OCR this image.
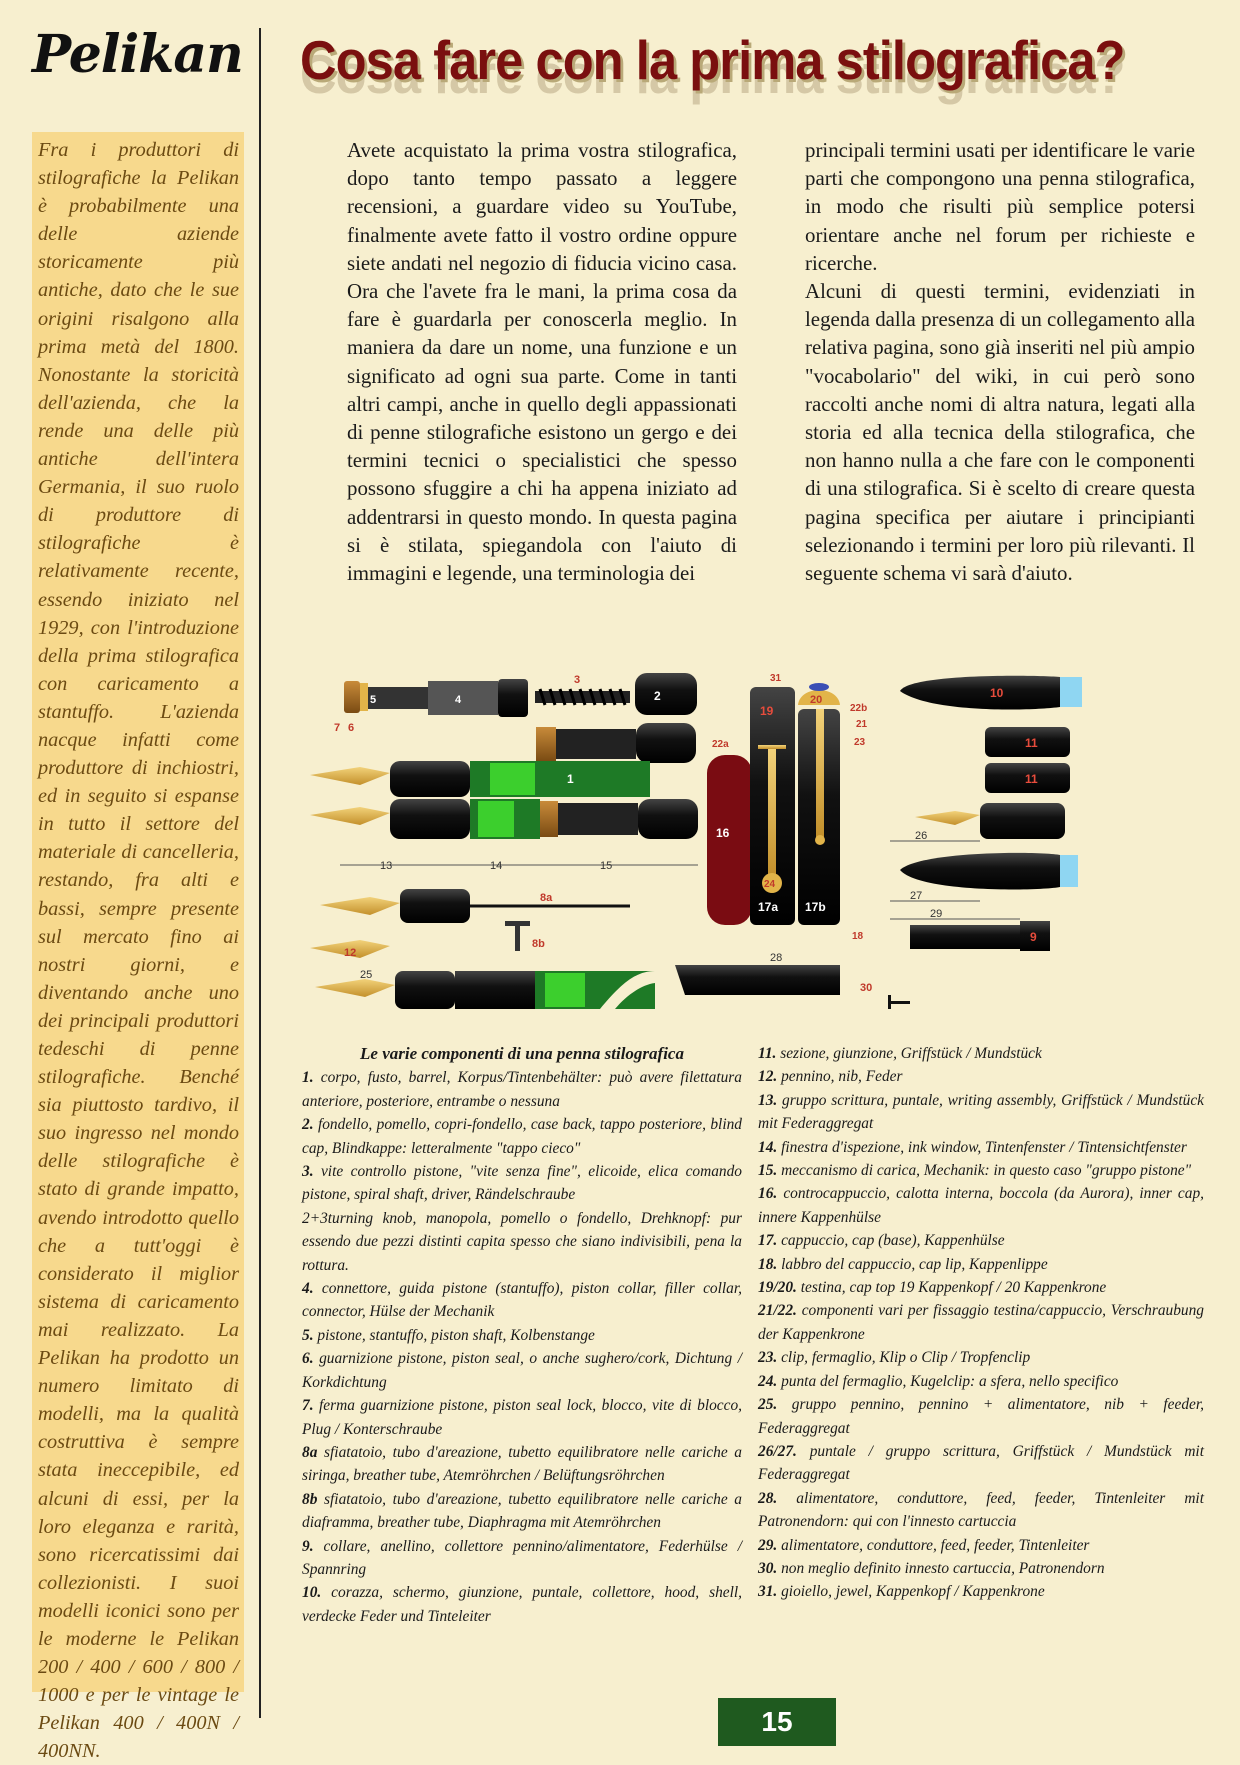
Pelikan Cosa fare con la prima stilografica?
Fra i produttori di stilografiche la Pelikan è probabilmente una delle aziende storicamente più antiche, dato che le sue origini risalgono alla prima metà del 1800. Nonostante la storicità dell'azienda, che la rende una delle più antiche dell'intera Germania, il suo ruolo di produttore di stilografiche è relativamente recente, essendo iniziato nel 1929, con l'introduzione della prima stilografica con caricamento a stantuffo. L'azienda nacque infatti come produttore di inchiostri, ed in seguito si espanse in tutto il settore del materiale di cancelleria, restando, fra alti e bassi, sempre presente sul mercato fino ai nostri giorni, e diventando anche uno dei principali produttori tedeschi di penne stilografiche. Benché sia piuttosto tardivo, il suo ingresso nel mondo delle stilografiche è stato di grande impatto, avendo introdotto quello che a tutt'oggi è considerato il miglior sistema di caricamento mai realizzato. La Pelikan ha prodotto un numero limitato di modelli, ma la qualità costruttiva è sempre stata ineccepibile, ed alcuni di essi, per la loro eleganza e rarità, sono ricercatissimi dai collezionisti. I suoi modelli iconici sono per le moderne le Pelikan 200 / 400 / 600 / 800 / 1000 e per le vintage le Pelikan 400 / 400N / 400NN.

Avete acquistato la prima vostra stilografica, dopo tanto tempo passato a leggere recensioni, a guardare video su YouTube, finalmente avete fatto il vostro ordine oppure siete andati nel negozio di fiducia vicino casa. Ora che l'avete fra le mani, la prima cosa da fare è guardarla per conoscerla meglio. In maniera da dare un nome, una funzione e un significato ad ogni sua parte. Come in tanti altri campi, anche in quello degli appassionati di penne stilografiche esistono un gergo e dei termini tecnici o specialistici che spesso possono sfuggire a chi ha appena iniziato ad addentrarsi in questo mondo. In questa pagina si è stilata, spiegandola con l'aiuto di immagini e legende, una terminologia dei

principali termini usati per identificare le varie parti che compongono una penna stilografica, in modo che risulti più semplice potersi orientare anche nel forum per richieste e ricerche.

Alcuni di questi termini, evidenziati in legenda dalla presenza di un collegamento alla relativa pagina, sono già inseriti nel più ampio "vocabolario" del wiki, in cui però sono raccolti anche nomi di altra natura, legati alla storia ed alla tecnica della stilografica, che non hanno nulla a che fare con le componenti di una stilografica. Si è scelto di creare questa pagina specifica per aiutare i principianti selezionando i termini per loro più rilevanti. Il seguente schema vi sarà d'aiuto.

5	4
7 6
3
2
1
13	14	15
8a
8b
12
25
16
19
24
17a
22a
20
17b
31
22b
21
23
18
10
11
11
26
27
29
9
28
30

Le varie componenti di una penna stilografica

1. corpo, fusto, barrel, Korpus/Tintenbehälter: può avere filettatura anteriore, posteriore, entrambe o nessuna

2. fondello, pomello, copri-fondello, case back, tappo posteriore, blind cap, Blindkappe: letteralmente "tappo cieco"

3. vite controllo pistone, "vite senza fine", elicoide, elica comando pistone, spiral shaft, driver, Rändelschraube

2+3turning knob, manopola, pomello o fondello, Drehknopf: pur essendo due pezzi distinti capita spesso che siano indivisibili, pena la rottura.

4. connettore, guida pistone (stantuffo), piston collar, filler collar, connector, Hülse der Mechanik

5. pistone, stantuffo, piston shaft, Kolbenstange

6. guarnizione pistone, piston seal, o anche sughero/cork, Dichtung / Korkdichtung

7. ferma guarnizione pistone, piston seal lock, blocco, vite di blocco, Plug / Konterschraube

8a sfiatatoio, tubo d'areazione, tubetto equilibratore nelle cariche a siringa, breather tube, Atemröhrchen / Belüftungsröhrchen

8b sfiatatoio, tubo d'areazione, tubetto equilibratore nelle cariche a diaframma, breather tube, Diaphragma mit Atemröhrchen

9. collare, anellino, collettore pennino/alimentatore, Federhülse / Spannring

10. corazza, schermo, giunzione, puntale, collettore, hood, shell, verdecke Feder und Tinteleiter

11. sezione, giunzione, Griffstück / Mundstück

12. pennino, nib, Feder

13. gruppo scrittura, puntale, writing assembly, Griffstück / Mundstück mit Federaggregat

14. finestra d'ispezione, ink window, Tintenfenster / Tintensichtfenster

15. meccanismo di carica, Mechanik: in questo caso "gruppo pistone"

16. controcappuccio, calotta interna, boccola (da Aurora), inner cap, innere Kappenhülse

17. cappuccio, cap (base), Kappenhülse

18. labbro del cappuccio, cap lip, Kappenlippe

19/20. testina, cap top 19 Kappenkopf / 20 Kappenkrone

21/22. componenti vari per fissaggio testina/cappuccio, Verschraubung der Kappenkrone

23. clip, fermaglio, Klip o Clip / Tropfenclip

24. punta del fermaglio, Kugelclip: a sfera, nello specifico

25. gruppo pennino, pennino + alimentatore, nib + feeder, Federaggregat

26/27. puntale / gruppo scrittura, Griffstück / Mundstück mit Federaggregat

28. alimentatore, conduttore, feed, feeder, Tintenleiter mit Patronendorn: qui con l'innesto cartuccia

29. alimentatore, conduttore, feed, feeder, Tintenleiter

30. non meglio definito innesto cartuccia, Patronendorn

31. gioiello, jewel, Kappenkopf / Kappenkrone

15
